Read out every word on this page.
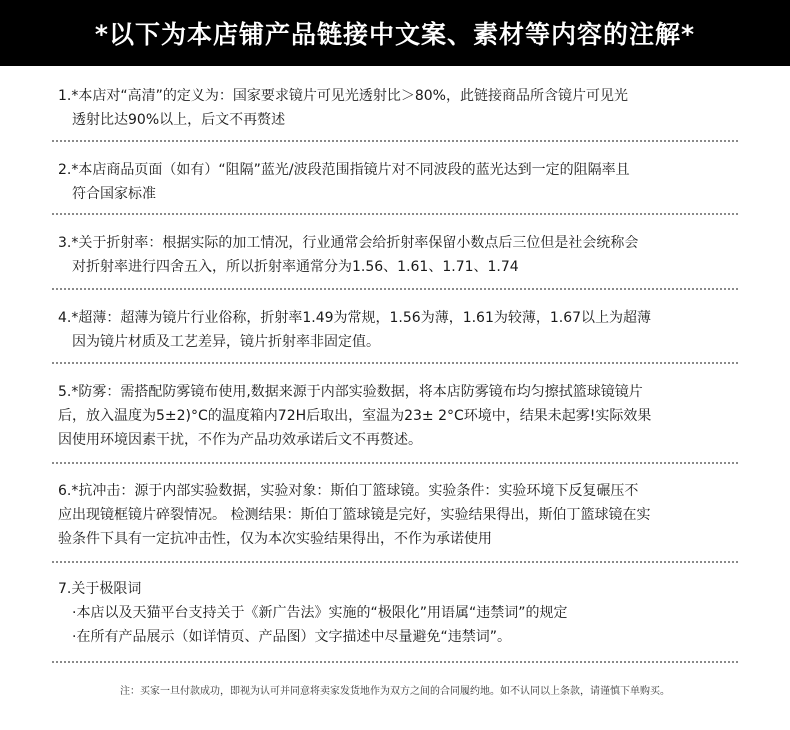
*以下为本店铺产品链接中文案、素材等内容的注解*
1.*本店对“高清”的定义为：国家要求镜片可见光透射比＞80%，此链接商品所含镜片可见光
透射比达90%以上，后文不再赘述
2.*本店商品页面（如有）“阻隔”蓝光/波段范围指镜片对不同波段的蓝光达到一定的阻隔率且
符合国家标准
3.*关于折射率：根据实际的加工情况，行业通常会给折射率保留小数点后三位但是社会统称会
对折射率进行四舍五入，所以折射率通常分为1.56、1.61、1.71、1.74
4.*超薄：超薄为镜片行业俗称，折射率1.49为常规，1.56为薄，1.61为较薄，1.67以上为超薄
因为镜片材质及工艺差异，镜片折射率非固定值。
5.*防雾：需搭配防雾镜布使用,数据来源于内部实验数据，将本店防雾镜布均匀擦拭篮球镜镜片
后，放入温度为5±2)°C的温度箱内72H后取出，室温为23± 2°C环境中，结果未起雾!实际效果
因使用环境因素干扰，不作为产品功效承诺后文不再赘述。
6.*抗冲击：源于内部实验数据，实验对象：斯伯丁篮球镜。实验条件：实验环境下反复碾压不
应出现镜框镜片碎裂情况。 检测结果：斯伯丁篮球镜是完好，实验结果得出，斯伯丁篮球镜在实
验条件下具有一定抗冲击性，仅为本次实验结果得出，不作为承诺使用
7.关于极限词
·本店以及天猫平台支持关于《新广告法》实施的“极限化”用语属“违禁词”的规定
·在所有产品展示（如详情页、产品图）文字描述中尽量避免“违禁词”。
注：买家一旦付款成功，即视为认可并同意将卖家发货地作为双方之间的合同履约地。如不认同以上条款，请谨慎下单购买。
